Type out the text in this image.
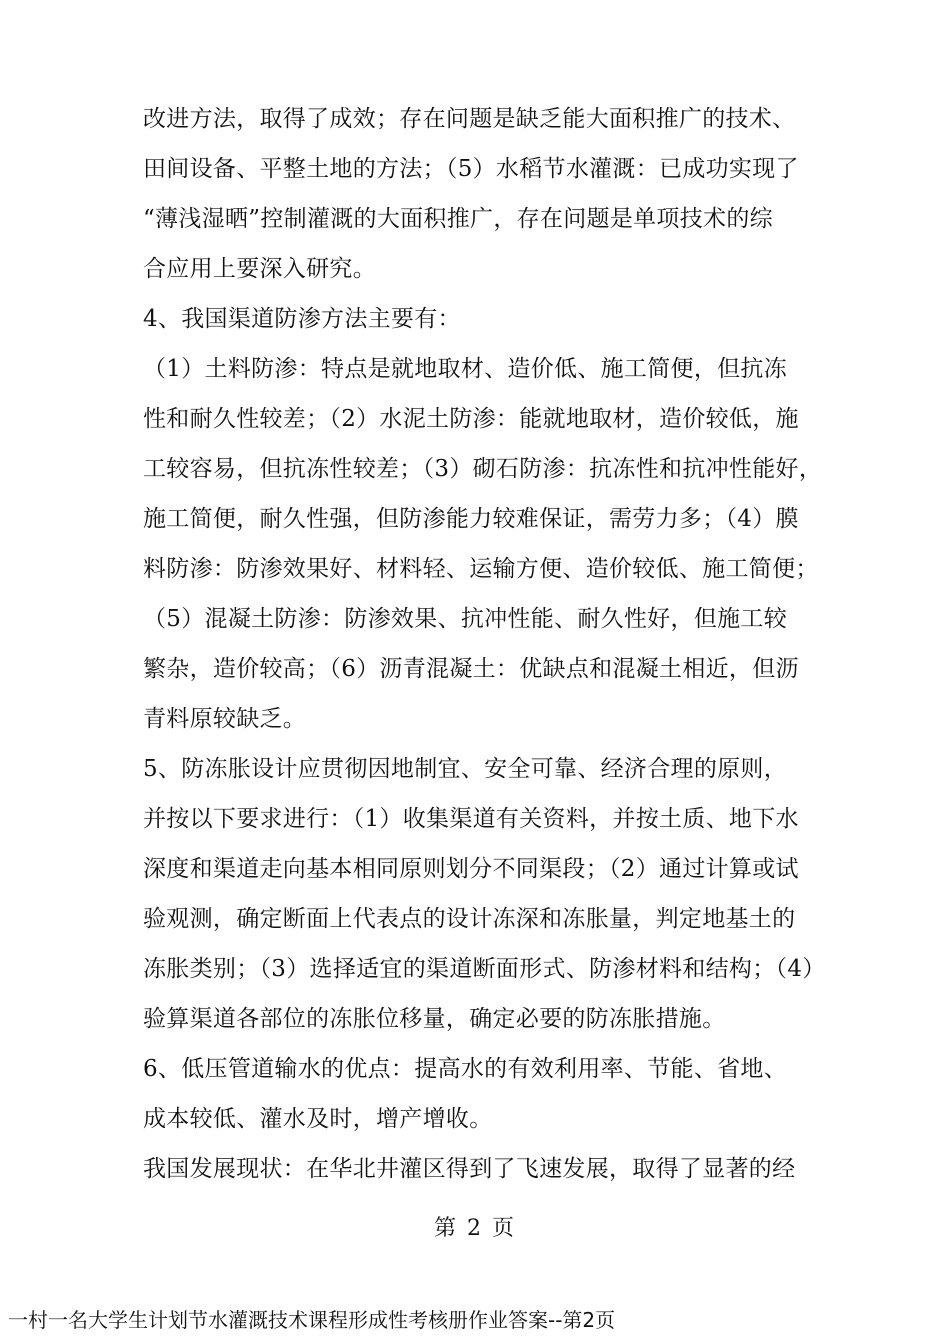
改进方法，取得了成效；存在问题是缺乏能大面积推广的技术、
田间设备、平整土地的方法；（5）水稻节水灌溉：已成功实现了
“薄浅湿晒”控制灌溉的大面积推广，存在问题是单项技术的综
合应用上要深入研究。
4、我国渠道防渗方法主要有：
（1）土料防渗：特点是就地取材、造价低、施工简便，但抗冻
性和耐久性较差；（2）水泥土防渗：能就地取材，造价较低，施
工较容易，但抗冻性较差；（3）砌石防渗：抗冻性和抗冲性能好，
施工简便，耐久性强，但防渗能力较难保证，需劳力多；（4）膜
料防渗：防渗效果好、材料轻、运输方便、造价较低、施工简便；
（5）混凝土防渗：防渗效果、抗冲性能、耐久性好，但施工较
繁杂，造价较高；（6）沥青混凝土：优缺点和混凝土相近，但沥
青料原较缺乏。
5、防冻胀设计应贯彻因地制宜、安全可靠、经济合理的原则，
并按以下要求进行：（1）收集渠道有关资料，并按土质、地下水
深度和渠道走向基本相同原则划分不同渠段；（2）通过计算或试
验观测，确定断面上代表点的设计冻深和冻胀量，判定地基土的
冻胀类别；（3）选择适宜的渠道断面形式、防渗材料和结构；（4）
验算渠道各部位的冻胀位移量，确定必要的防冻胀措施。
6、低压管道输水的优点：提高水的有效利用率、节能、省地、
成本较低、灌水及时，增产增收。
我国发展现状：在华北井灌区得到了飞速发展，取得了显著的经
第 2 页
一村一名大学生计划节水灌溉技术课程形成性考核册作业答案--第2页
